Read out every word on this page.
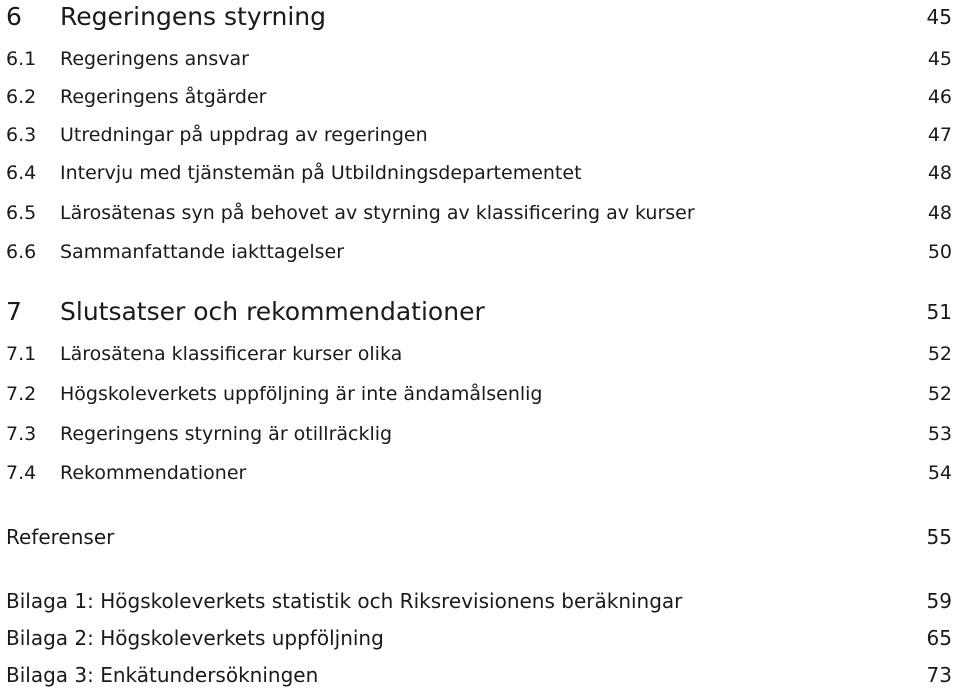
6 Regeringens styrning	45
6.1 Regeringens ansvar	45
6.2 Regeringens åtgärder	46
6.3 Utredningar på uppdrag av regeringen	47
6.4 Intervju med tjänstemän på Utbildningsdepartementet	48
6.5 Lärosätenas syn på behovet av styrning av klassificering av kurser	48
6.6 Sammanfattande iakttagelser	50
7 Slutsatser och rekommendationer	51
7.1 Lärosätena klassificerar kurser olika	52
7.2 Högskoleverkets uppföljning är inte ändamålsenlig	52
7.3 Regeringens styrning är otillräcklig	53
7.4 Rekommendationer	54
Referenser	55
Bilaga 1: Högskoleverkets statistik och Riksrevisionens beräkningar	59
Bilaga 2: Högskoleverkets uppföljning	65
Bilaga 3: Enkätundersökningen	73
